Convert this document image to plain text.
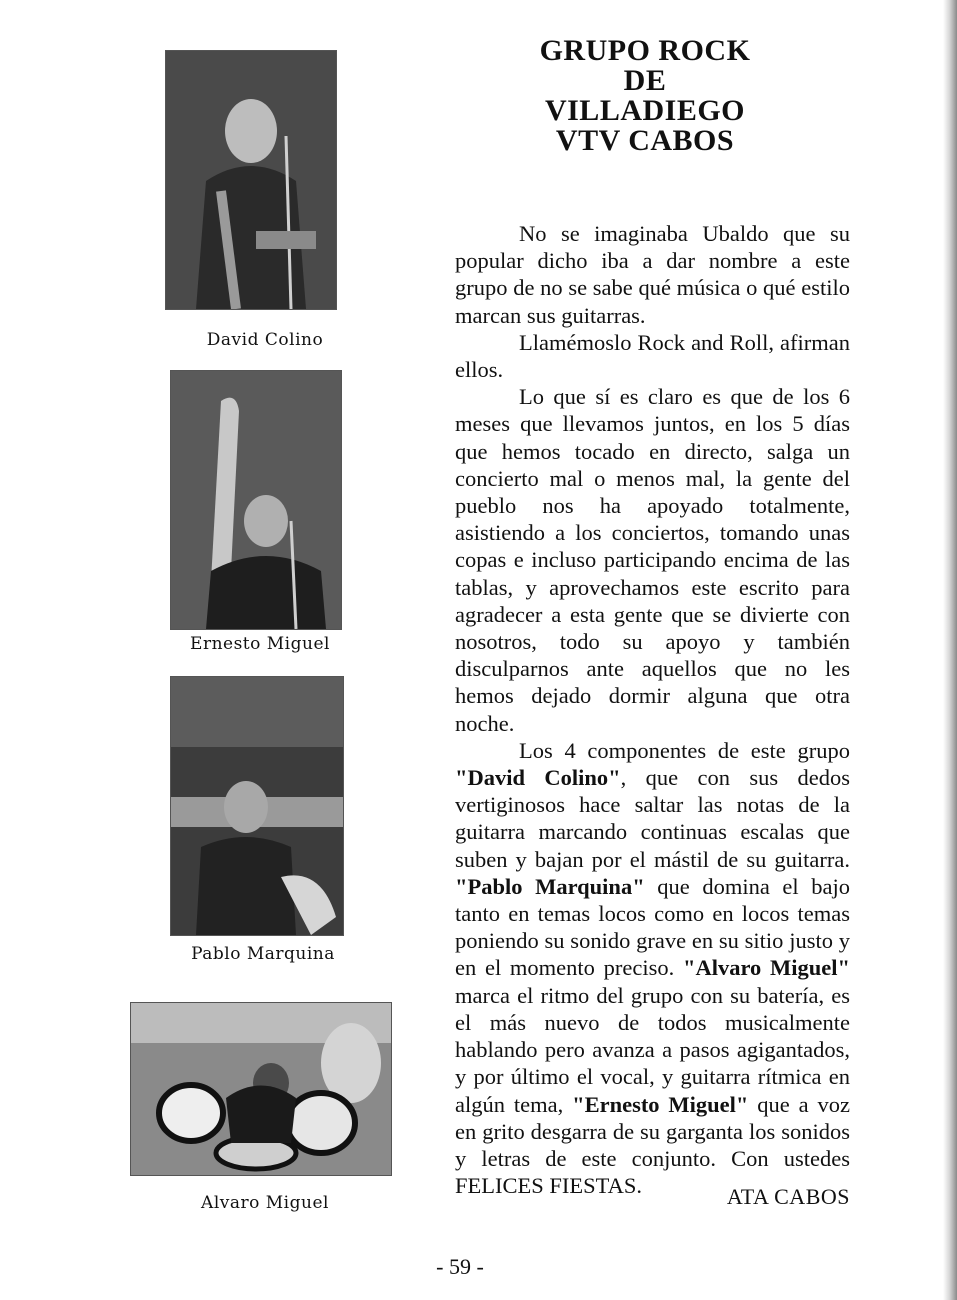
David Colino
Ernesto Miguel
Pablo Marquina
Alvaro Miguel
GRUPO ROCK
DE
VILLADIEGO
VTV CABOS

No se imaginaba Ubaldo que su popular dicho iba a dar nombre a este grupo de no se sabe qué música o qué estilo marcan sus guitarras.

Llamémoslo Rock and Roll, afirman ellos.

Lo que sí es claro es que de los 6 meses que llevamos juntos, en los 5 días que hemos tocado en directo, salga un concierto mal o menos mal, la gente del pueblo nos ha apoyado totalmente, asistiendo a los conciertos, tomando unas copas e incluso participando encima de las tablas, y aprovechamos este escrito para agradecer a esta gente que se divierte con nosotros, todo su apoyo y también disculparnos ante aquellos que no les hemos dejado dormir alguna que otra noche.

Los 4 componentes de este grupo "David Colino", que con sus dedos vertiginosos hace saltar las notas de la guitarra marcando continuas escalas que suben y bajan por el mástil de su guitarra. "Pablo Marquina" que domina el bajo tanto en temas locos como en locos temas poniendo su sonido grave en su sitio justo y en el momento preciso. "Alvaro Miguel" marca el ritmo del grupo con su batería, es el más nuevo de todos musicalmente hablando pero avanza a pasos agigantados, y por último el vocal, y guitarra rítmica en algún tema, "Ernesto Miguel" que a voz en grito desgarra de su garganta los sonidos y letras de este conjunto. Con ustedes FELICES FIESTAS.	ATA CABOS
- 59 -
